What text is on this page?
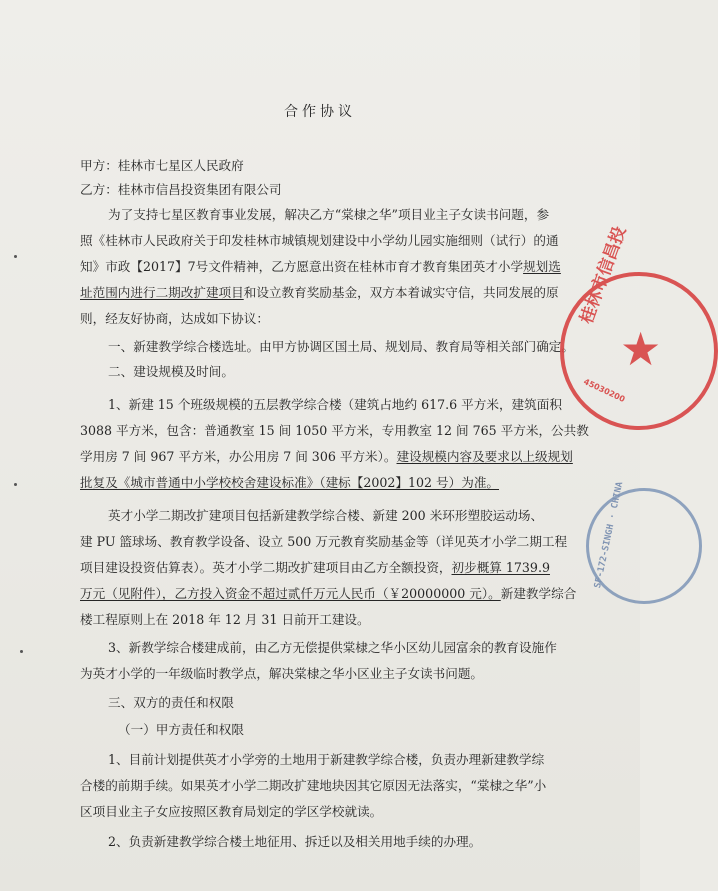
合作协议
甲方：桂林市七星区人民政府
乙方：桂林市信昌投资集团有限公司
为了支持七星区教育事业发展，解决乙方“棠棣之华”项目业主子女读书问题，参
照《桂林市人民政府关于印发桂林市城镇规划建设中小学幼儿园实施细则（试行）的通
知》市政【2017】7号文件精神，乙方愿意出资在桂林市育才教育集团英才小学规划选
址范围内进行二期改扩建项目和设立教育奖励基金，双方本着诚实守信，共同发展的原
则，经友好协商，达成如下协议：
一、新建教学综合楼选址。由甲方协调区国土局、规划局、教育局等相关部门确定。
二、建设规模及时间。
1、新建 15 个班级规模的五层教学综合楼（建筑占地约 617.6 平方米，建筑面积
3088 平方米，包含：普通教室 15 间 1050 平方米，专用教室 12 间 765 平方米，公共教
学用房 7 间 967 平方米，办公用房 7 间 306 平方米）。建设规模内容及要求以上级规划
批复及《城市普通中小学校校舍建设标准》（建标【2002】102 号）为准。
英才小学二期改扩建项目包括新建教学综合楼、新建 200 米环形塑胶运动场、
建 PU 篮球场、教育教学设备、设立 500 万元教育奖励基金等（详见英才小学二期工程
项目建设投资估算表）。英才小学二期改扩建项目由乙方全额投资，初步概算 1739.9
万元（见附件），乙方投入资金不超过贰仟万元人民币（￥20000000 元）。新建教学综合
楼工程原则上在 2018 年 12 月 31 日前开工建设。
3、新教学综合楼建成前，由乙方无偿提供棠棣之华小区幼儿园富余的教育设施作
为英才小学的一年级临时教学点，解决棠棣之华小区业主子女读书问题。
三、双方的责任和权限
（一）甲方责任和权限
1、目前计划提供英才小学旁的土地用于新建教学综合楼，负责办理新建教学综
合楼的前期手续。如果英才小学二期改扩建地块因其它原因无法落实，“棠棣之华”小
区项目业主子女应按照区教育局划定的学区学校就读。
2、负责新建教学综合楼土地征用、拆迁以及相关用地手续的办理。
桂林市信昌投
★
45030200
SF-172-SINGH · CHINA
